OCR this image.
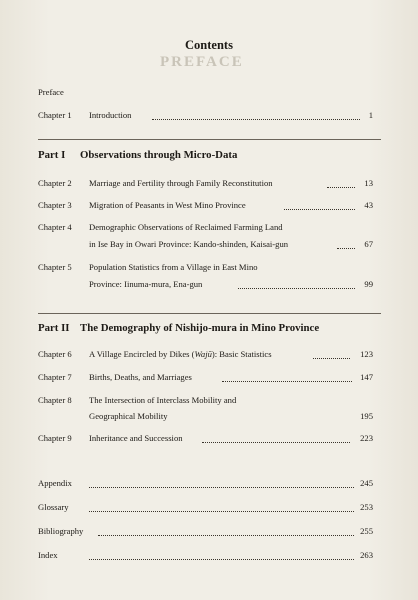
PREFACE
Contents
Preface
Chapter 1 Introduction	1
Part I Observations through Micro-Data
Chapter 2 Marriage and Fertility through Family Reconstitution	13
Chapter 3 Migration of Peasants in West Mino Province	43
Chapter 4 Demographic Observations of Reclaimed Farming Land
in Ise Bay in Owari Province: Kando-shinden, Kaisai-gun	67
Chapter 5 Population Statistics from a Village in East Mino
Province: Iinuma-mura, Ena-gun	99
Part II The Demography of Nishijo-mura in Mino Province
Chapter 6 A Village Encircled by Dikes (Wajū): Basic Statistics	123
Chapter 7 Births, Deaths, and Marriages	147
Chapter 8 The Intersection of Interclass Mobility and
Geographical Mobility	195
Chapter 9 Inheritance and Succession	223
Appendix	245
Glossary	253
Bibliography	255
Index	263
